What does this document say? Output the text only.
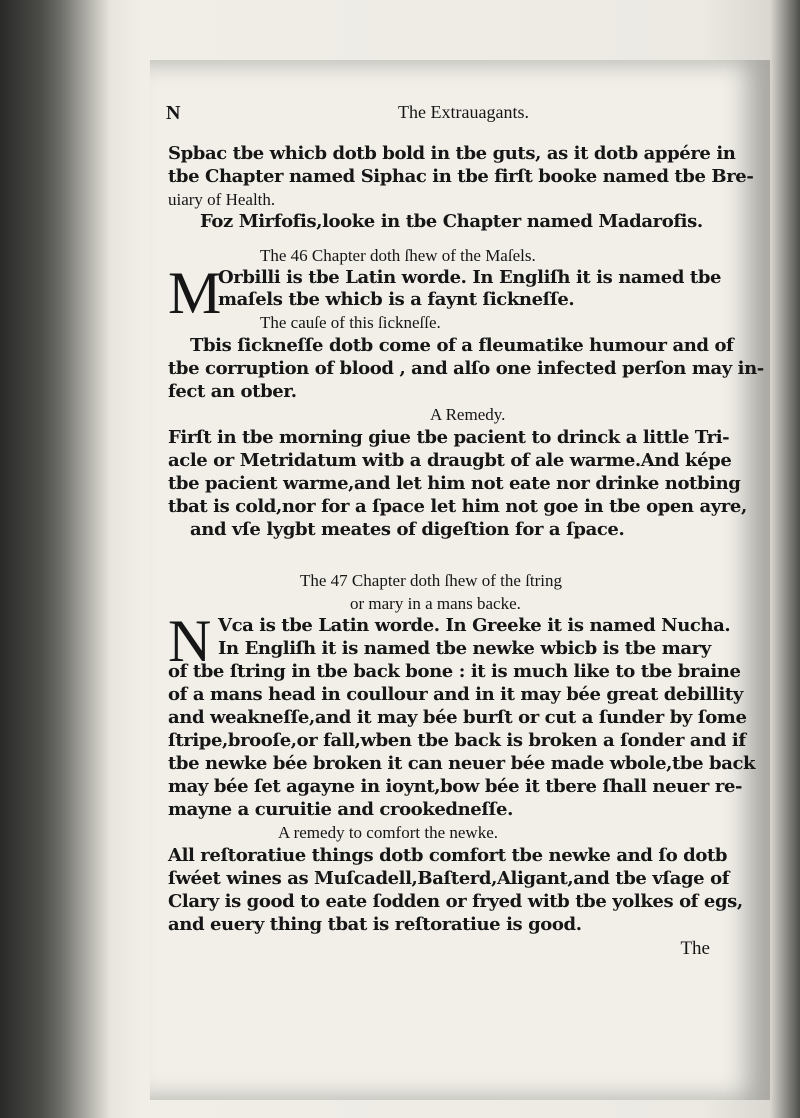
N	The Extrauagants.
Spbac tbe whicb dotb bold in tbe guts, as it dotb appére in
tbe Chapter named Siphac in tbe firſt booke named tbe Bre-
uiary of Health.
Foz Mirfofis,looke in tbe Chapter named Madarofis.
The 46 Chapter doth ſhew of the Maſels.
M
Orbilli is tbe Latin worde. In Engliſh it is named tbe
maſels tbe whicb is a faynt ſickneſſe.
The cauſe of this ſickneſſe.
Tbis ſickneſſe dotb come of a fleumatike humour and of
tbe corruption of blood , and alſo one infected perſon may in-
fect an otber.
A Remedy.
Firſt in tbe morning giue tbe pacient to drinck a little Tri-
acle or Metridatum witb a draugbt of ale warme.And képe
tbe pacient warme,and let him not eate nor drinke notbing
tbat is cold,nor for a ſpace let him not goe in tbe open ayre,
and vſe lygbt meates of digeſtion for a ſpace.
The 47 Chapter doth ſhew of the ſtring
or mary in a mans backe.
N Vca is tbe Latin worde. In Greeke it is named Nucha.
In Engliſh it is named tbe newke wbicb is tbe mary
of tbe ſtring in tbe back bone : it is much like to tbe braine
of a mans head in coullour and in it may bée great debillity
and weakneſſe,and it may bée burſt or cut a ſunder by ſome
ſtripe,brooſe,or fall,wben tbe back is broken a ſonder and if
tbe newke bée broken it can neuer bée made wbole,tbe back
may bée ſet agayne in ioynt,bow bée it tbere ſhall neuer re-
mayne a curuitie and crookedneſſe.
A remedy to comfort the newke.
All reſtoratiue things dotb comfort tbe newke and ſo dotb
ſwéet wines as Muſcadell,Baſterd,Aligant,and tbe vſage of
Clary is good to eate ſodden or fryed witb tbe yolkes of egs,
and euery thing tbat is reſtoratiue is good.
The
